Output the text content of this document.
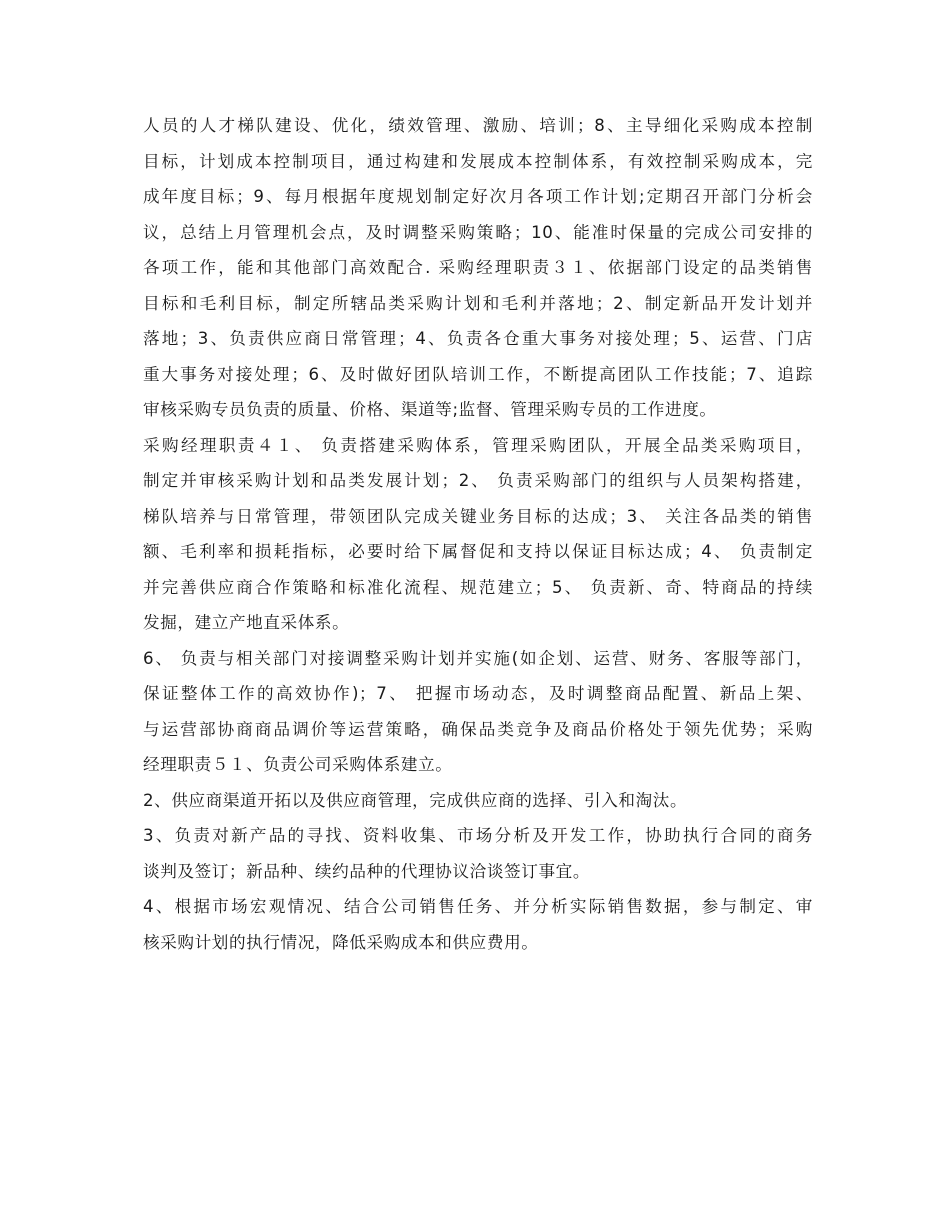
人员的人才梯队建设、优化，绩效管理、激励、培训；8、主导细化采购成本控制
目标，计划成本控制项目，通过构建和发展成本控制体系，有效控制采购成本，完
成年度目标；9、每月根据年度规划制定好次月各项工作计划;定期召开部门分析会
议，总结上月管理机会点，及时调整采购策略；10、能准时保量的完成公司安排的
各项工作，能和其他部门高效配合. 采购经理职责３１、依据部门设定的品类销售
目标和毛利目标，制定所辖品类采购计划和毛利并落地；2、制定新品开发计划并
落地；3、负责供应商日常管理；4、负责各仓重大事务对接处理；5、运营、门店
重大事务对接处理；6、及时做好团队培训工作，不断提高团队工作技能；7、追踪
审核采购专员负责的质量、价格、渠道等;监督、管理采购专员的工作进度。
采购经理职责４１、 负责搭建采购体系，管理采购团队，开展全品类采购项目，
制定并审核采购计划和品类发展计划；2、 负责采购部门的组织与人员架构搭建，
梯队培养与日常管理，带领团队完成关键业务目标的达成；3、 关注各品类的销售
额、毛利率和损耗指标，必要时给下属督促和支持以保证目标达成；4、 负责制定
并完善供应商合作策略和标准化流程、规范建立；5、 负责新、奇、特商品的持续
发掘，建立产地直采体系。
6、 负责与相关部门对接调整采购计划并实施(如企划、运营、财务、客服等部门，
保证整体工作的高效协作)；7、 把握市场动态，及时调整商品配置、新品上架、
与运营部协商商品调价等运营策略，确保品类竞争及商品价格处于领先优势；采购
经理职责５１、负责公司采购体系建立。
2、供应商渠道开拓以及供应商管理，完成供应商的选择、引入和淘汰。
3、负责对新产品的寻找、资料收集、市场分析及开发工作，协助执行合同的商务
谈判及签订；新品种、续约品种的代理协议洽谈签订事宜。
4、根据市场宏观情况、结合公司销售任务、并分析实际销售数据，参与制定、审
核采购计划的执行情况，降低采购成本和供应费用。
